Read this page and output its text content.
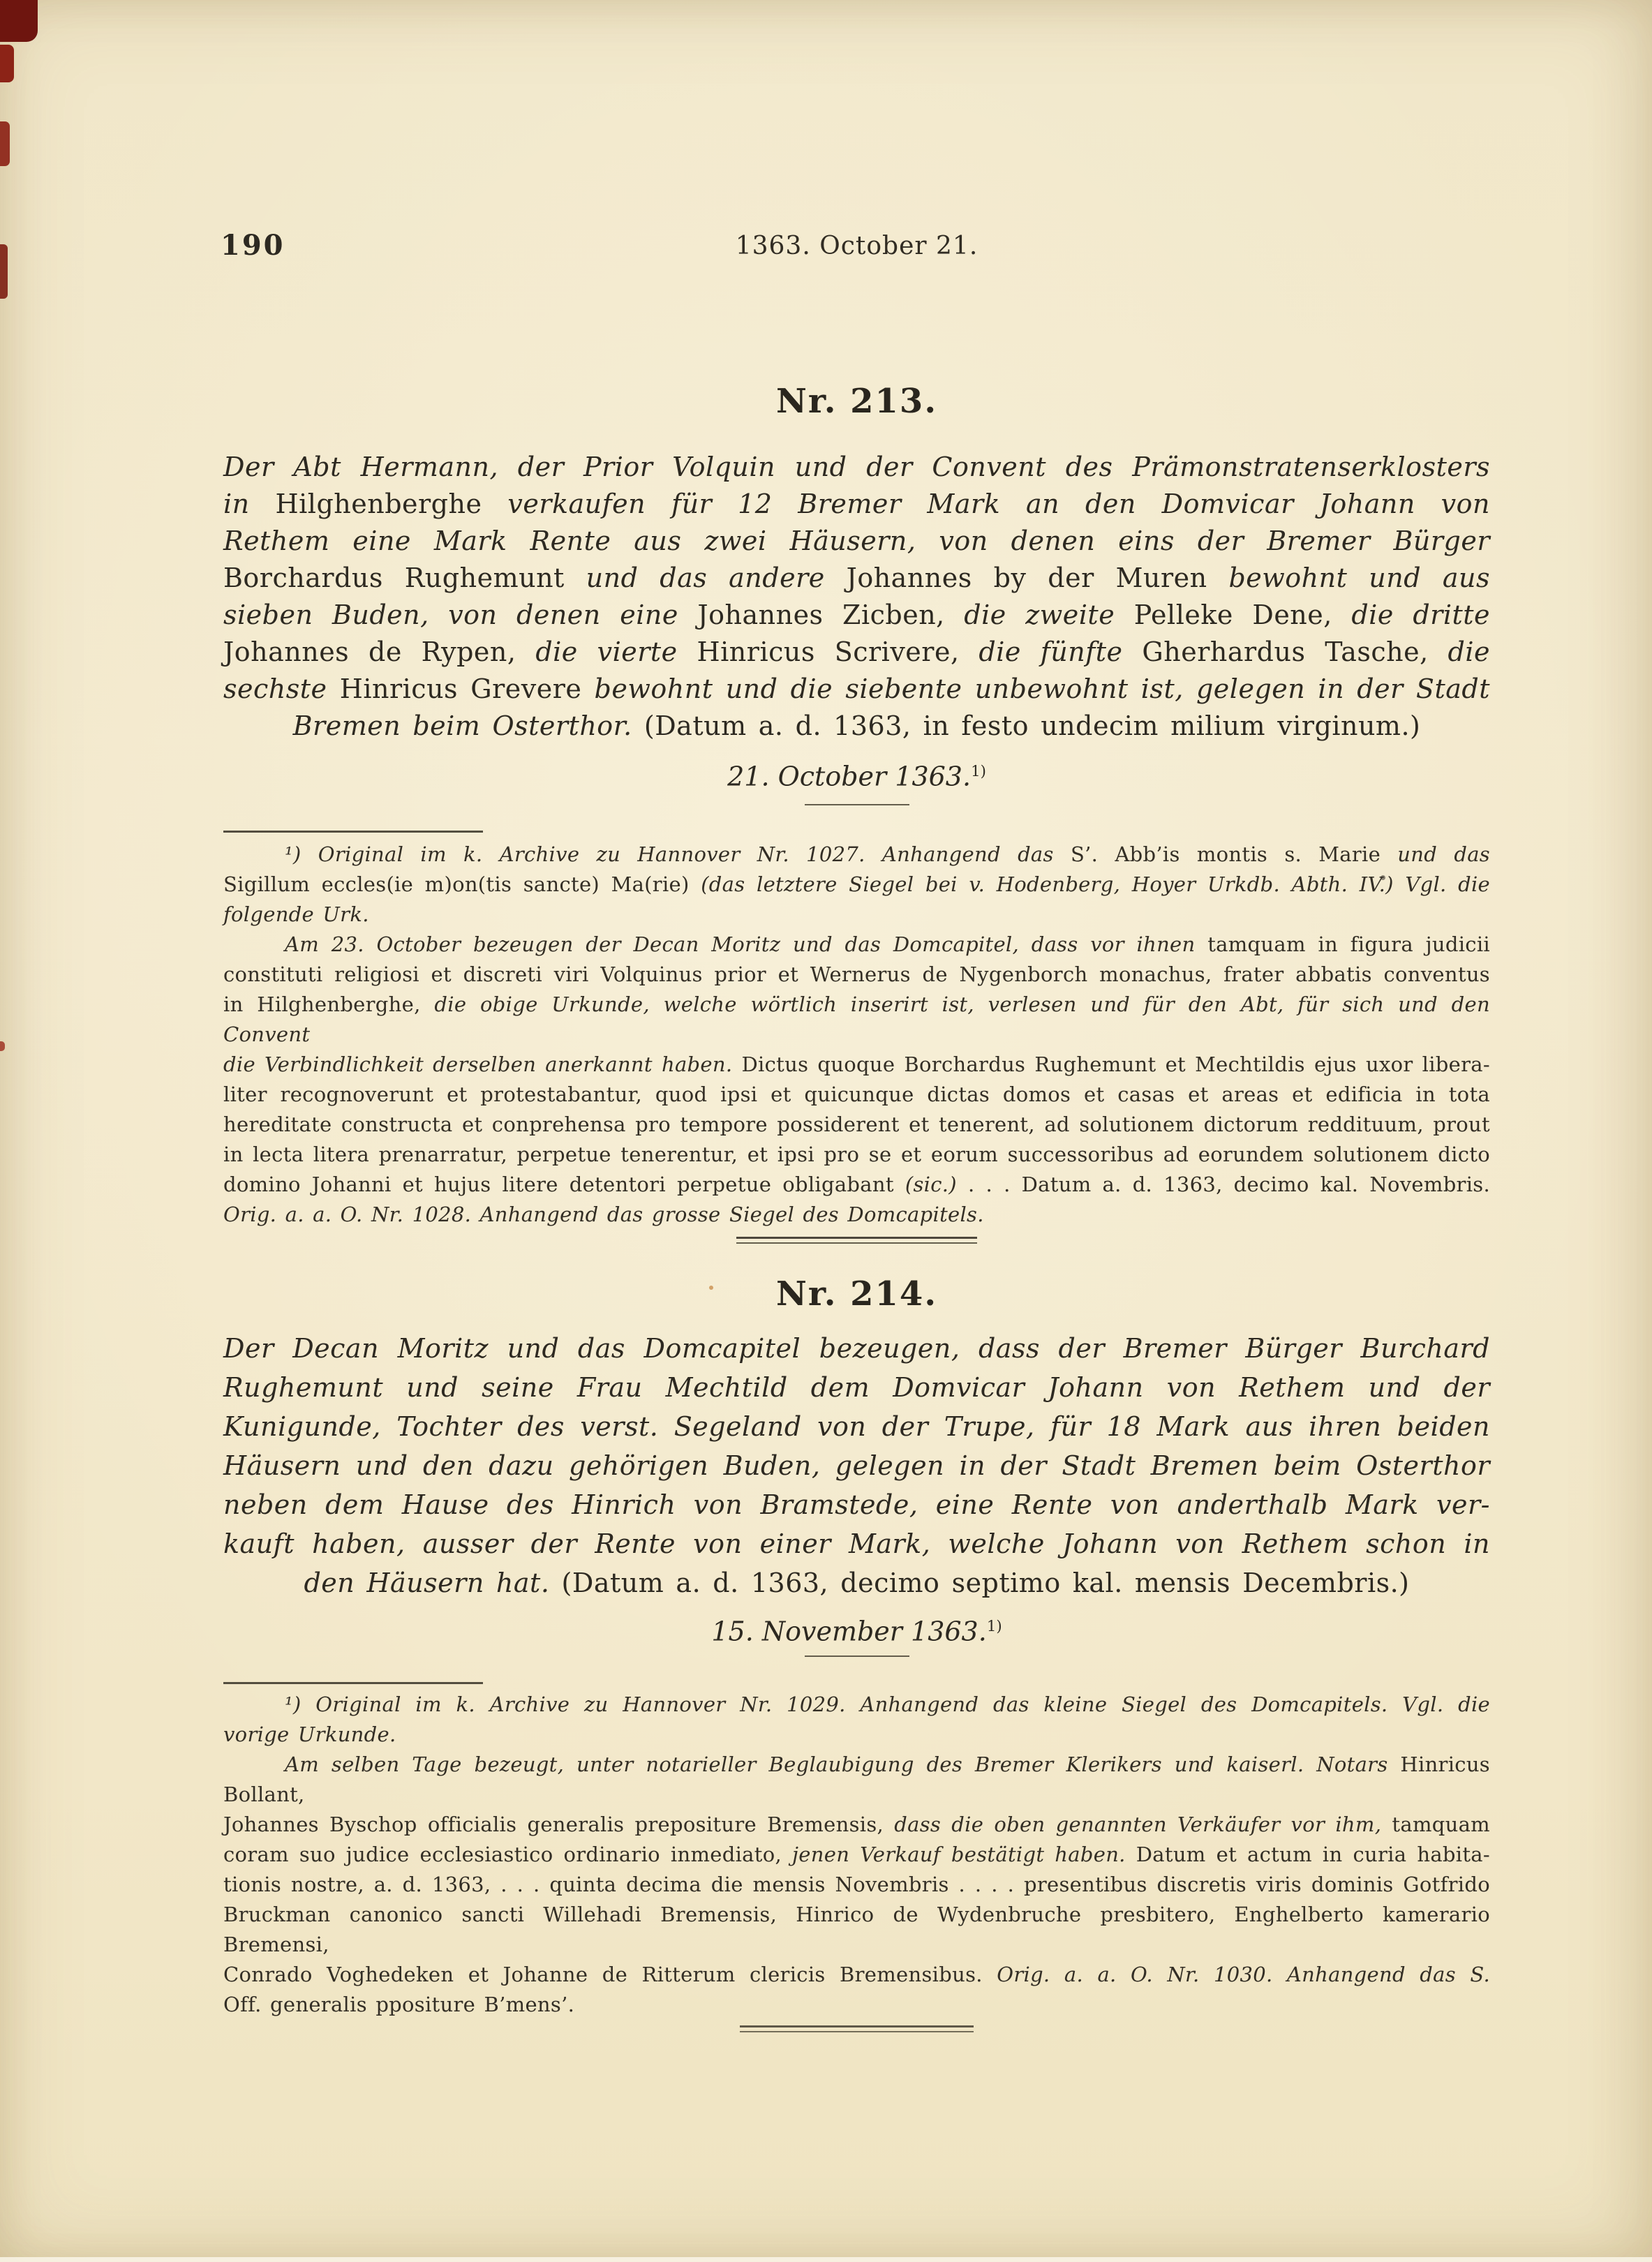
190	1363. October 21.
Nr. 213.
Der Abt Hermann, der Prior Volquin und der Convent des Prämonstratenserklosters
in Hilghenberghe verkaufen für 12 Bremer Mark an den Domvicar Johann von
Rethem eine Mark Rente aus zwei Häusern, von denen eins der Bremer Bürger
Borchardus Rughemunt und das andere Johannes by der Muren bewohnt und aus
sieben Buden, von denen eine Johannes Zicben, die zweite Pelleke Dene, die dritte
Johannes de Rypen, die vierte Hinricus Scrivere, die fünfte Gherhardus Tasche, die
sechste Hinricus Grevere bewohnt und die siebente unbewohnt ist, gelegen in der Stadt
Bremen beim Osterthor. (Datum a. d. 1363, in festo undecim milium virginum.)
21. October 1363.$^{1)}$
¹) Original im k. Archive zu Hannover Nr. 1027. Anhangend das S’. Abb’is montis s. Marie und das
Sigillum eccles(ie m)on(tis sancte) Ma(rie) (das letztere Siegel bei v. Hodenberg, Hoyer Urkdb. Abth. IV.) Vgl. die
folgende Urk.
Am 23. October bezeugen der Decan Moritz und das Domcapitel, dass vor ihnen tamquam in figura judicii
constituti religiosi et discreti viri Volquinus prior et Wernerus de Nygenborch monachus, frater abbatis conventus
in Hilghenberghe, die obige Urkunde, welche wörtlich inserirt ist, verlesen und für den Abt, für sich und den Convent
die Verbindlichkeit derselben anerkannt haben. Dictus quoque Borchardus Rughemunt et Mechtildis ejus uxor libera-
liter recognoverunt et protestabantur, quod ipsi et quicunque dictas domos et casas et areas et edificia in tota
hereditate constructa et conprehensa pro tempore possiderent et tenerent, ad solutionem dictorum reddituum, prout
in lecta litera prenarratur, perpetue tenerentur, et ipsi pro se et eorum successoribus ad eorundem solutionem dicto
domino Johanni et hujus litere detentori perpetue obligabant (sic.) . . . Datum a. d. 1363, decimo kal. Novembris.
Orig. a. a. O. Nr. 1028. Anhangend das grosse Siegel des Domcapitels.
Nr. 214.
Der Decan Moritz und das Domcapitel bezeugen, dass der Bremer Bürger Burchard
Rughemunt und seine Frau Mechtild dem Domvicar Johann von Rethem und der
Kunigunde, Tochter des verst. Segeland von der Trupe, für 18 Mark aus ihren beiden
Häusern und den dazu gehörigen Buden, gelegen in der Stadt Bremen beim Osterthor
neben dem Hause des Hinrich von Bramstede, eine Rente von anderthalb Mark ver-
kauft haben, ausser der Rente von einer Mark, welche Johann von Rethem schon in
den Häusern hat. (Datum a. d. 1363, decimo septimo kal. mensis Decembris.)
15. November 1363.$^{1)}$
¹) Original im k. Archive zu Hannover Nr. 1029. Anhangend das kleine Siegel des Domcapitels. Vgl. die
vorige Urkunde.
Am selben Tage bezeugt, unter notarieller Beglaubigung des Bremer Klerikers und kaiserl. Notars Hinricus Bollant,
Johannes Byschop officialis generalis prepositure Bremensis, dass die oben genannten Verkäufer vor ihm, tamquam
coram suo judice ecclesiastico ordinario inmediato, jenen Verkauf bestätigt haben. Datum et actum in curia habita-
tionis nostre, a. d. 1363, . . . quinta decima die mensis Novembris . . . . presentibus discretis viris dominis Gotfrido
Bruckman canonico sancti Willehadi Bremensis, Hinrico de Wydenbruche presbitero, Enghelberto kamerario Bremensi,
Conrado Voghedeken et Johanne de Ritterum clericis Bremensibus. Orig. a. a. O. Nr. 1030. Anhangend das S.
Off. generalis ppositure B’mens’.
